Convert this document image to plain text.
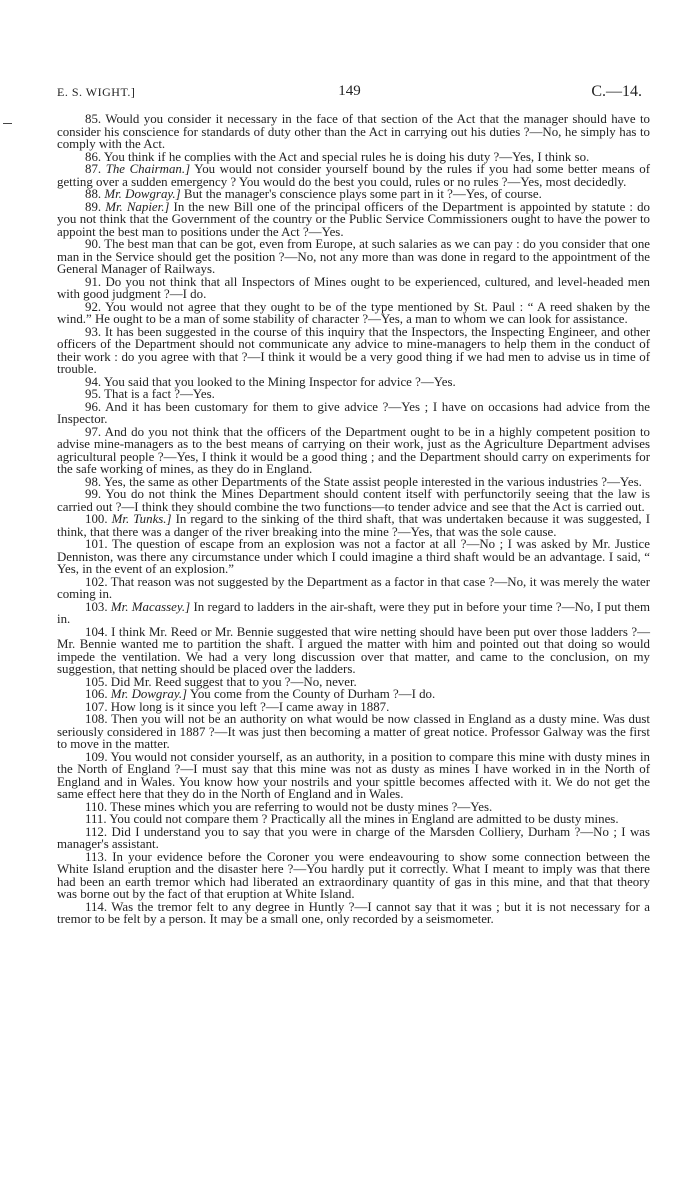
E. S. WIGHT.]	149	C.—14.

85. Would you consider it necessary in the face of that section of the Act that the manager should have to consider his conscience for standards of duty other than the Act in carrying out his duties ?—No, he simply has to comply with the Act.

86. You think if he complies with the Act and special rules he is doing his duty ?—Yes, I think so.

87. The Chairman.] You would not consider yourself bound by the rules if you had some better means of getting over a sudden emergency ? You would do the best you could, rules or no rules ?—Yes, most decidedly.

88. Mr. Dowgray.] But the manager's conscience plays some part in it ?—Yes, of course.

89. Mr. Napier.] In the new Bill one of the principal officers of the Department is appointed by statute : do you not think that the Government of the country or the Public Service Commissioners ought to have the power to appoint the best man to positions under the Act ?—Yes.

90. The best man that can be got, even from Europe, at such salaries as we can pay : do you consider that one man in the Service should get the position ?—No, not any more than was done in regard to the appointment of the General Manager of Railways.

91. Do you not think that all Inspectors of Mines ought to be experienced, cultured, and level-headed men with good judgment ?—I do.

92. You would not agree that they ought to be of the type mentioned by St. Paul : “ A reed shaken by the wind.” He ought to be a man of some stability of character ?—Yes, a man to whom we can look for assistance.

93. It has been suggested in the course of this inquiry that the Inspectors, the Inspecting Engineer, and other officers of the Department should not communicate any advice to mine-managers to help them in the conduct of their work : do you agree with that ?—I think it would be a very good thing if we had men to advise us in time of trouble.

94. You said that you looked to the Mining Inspector for advice ?—Yes.

95. That is a fact ?—Yes.

96. And it has been customary for them to give advice ?—Yes ; I have on occasions had advice from the Inspector.

97. And do you not think that the officers of the Department ought to be in a highly competent position to advise mine-managers as to the best means of carrying on their work, just as the Agriculture Department advises agricultural people ?—Yes, I think it would be a good thing ; and the Department should carry on experiments for the safe working of mines, as they do in England.

98. Yes, the same as other Departments of the State assist people interested in the various industries ?—Yes.

99. You do not think the Mines Department should content itself with perfunctorily seeing that the law is carried out ?—I think they should combine the two functions—to tender advice and see that the Act is carried out.

100. Mr. Tunks.] In regard to the sinking of the third shaft, that was undertaken because it was suggested, I think, that there was a danger of the river breaking into the mine ?—Yes, that was the sole cause.

101. The question of escape from an explosion was not a factor at all ?—No ; I was asked by Mr. Justice Denniston, was there any circumstance under which I could imagine a third shaft would be an advantage. I said, “ Yes, in the event of an explosion.”

102. That reason was not suggested by the Department as a factor in that case ?—No, it was merely the water coming in.

103. Mr. Macassey.] In regard to ladders in the air-shaft, were they put in before your time ?—No, I put them in.

104. I think Mr. Reed or Mr. Bennie suggested that wire netting should have been put over those ladders ?—Mr. Bennie wanted me to partition the shaft. I argued the matter with him and pointed out that doing so would impede the ventilation. We had a very long discussion over that matter, and came to the conclusion, on my suggestion, that netting should be placed over the ladders.

105. Did Mr. Reed suggest that to you ?—No, never.

106. Mr. Dowgray.] You come from the County of Durham ?—I do.

107. How long is it since you left ?—I came away in 1887.

108. Then you will not be an authority on what would be now classed in England as a dusty mine. Was dust seriously considered in 1887 ?—It was just then becoming a matter of great notice. Professor Galway was the first to move in the matter.

109. You would not consider yourself, as an authority, in a position to compare this mine with dusty mines in the North of England ?—I must say that this mine was not as dusty as mines I have worked in in the North of England and in Wales. You know how your nostrils and your spittle becomes affected with it. We do not get the same effect here that they do in the North of England and in Wales.

110. These mines which you are referring to would not be dusty mines ?—Yes.

111. You could not compare them ? Practically all the mines in England are admitted to be dusty mines.

112. Did I understand you to say that you were in charge of the Marsden Colliery, Durham ?—No ; I was manager's assistant.

113. In your evidence before the Coroner you were endeavouring to show some connection between the White Island eruption and the disaster here ?—You hardly put it correctly. What I meant to imply was that there had been an earth tremor which had liberated an extraordinary quantity of gas in this mine, and that that theory was borne out by the fact of that eruption at White Island.

114. Was the tremor felt to any degree in Huntly ?—I cannot say that it was ; but it is not necessary for a tremor to be felt by a person. It may be a small one, only recorded by a seismometer.
